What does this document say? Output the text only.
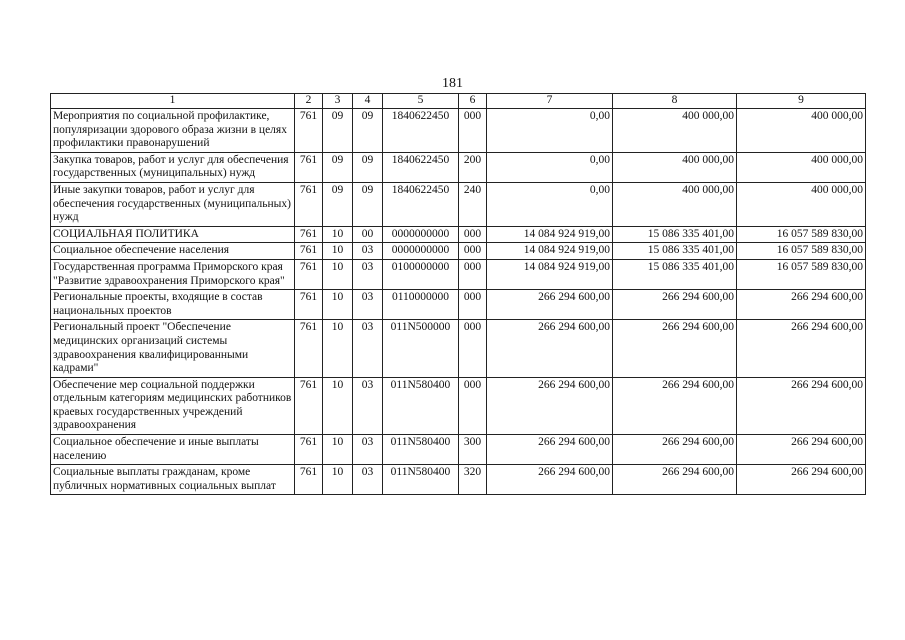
181
1	2	3	4	5	6	7	8	9
Мероприятия по социальной профилактике, популяризации здорового образа жизни в целях профилактики правонарушений	761	09	09	1840622450	000	0,00	400 000,00	400 000,00
Закупка товаров, работ и услуг для обеспечения государственных (муниципальных) нужд	761	09	09	1840622450	200	0,00	400 000,00	400 000,00
Иные закупки товаров, работ и услуг для обеспечения государственных (муниципальных) нужд	761	09	09	1840622450	240	0,00	400 000,00	400 000,00
СОЦИАЛЬНАЯ ПОЛИТИКА	761	10	00	0000000000	000	14 084 924 919,00	15 086 335 401,00	16 057 589 830,00
Социальное обеспечение населения	761	10	03	0000000000	000	14 084 924 919,00	15 086 335 401,00	16 057 589 830,00
Государственная программа Приморского края "Развитие здравоохранения Приморского края"	761	10	03	0100000000	000	14 084 924 919,00	15 086 335 401,00	16 057 589 830,00
Региональные проекты, входящие в состав национальных проектов	761	10	03	0110000000	000	266 294 600,00	266 294 600,00	266 294 600,00
Региональный проект "Обеспечение медицинских организаций системы здравоохранения квалифицированными кадрами"	761	10	03	011N500000	000	266 294 600,00	266 294 600,00	266 294 600,00
Обеспечение мер социальной поддержки отдельным категориям медицинских работников краевых государственных учреждений здравоохранения	761	10	03	011N580400	000	266 294 600,00	266 294 600,00	266 294 600,00
Социальное обеспечение и иные выплаты населению	761	10	03	011N580400	300	266 294 600,00	266 294 600,00	266 294 600,00
Социальные выплаты гражданам, кроме публичных нормативных социальных выплат	761	10	03	011N580400	320	266 294 600,00	266 294 600,00	266 294 600,00
